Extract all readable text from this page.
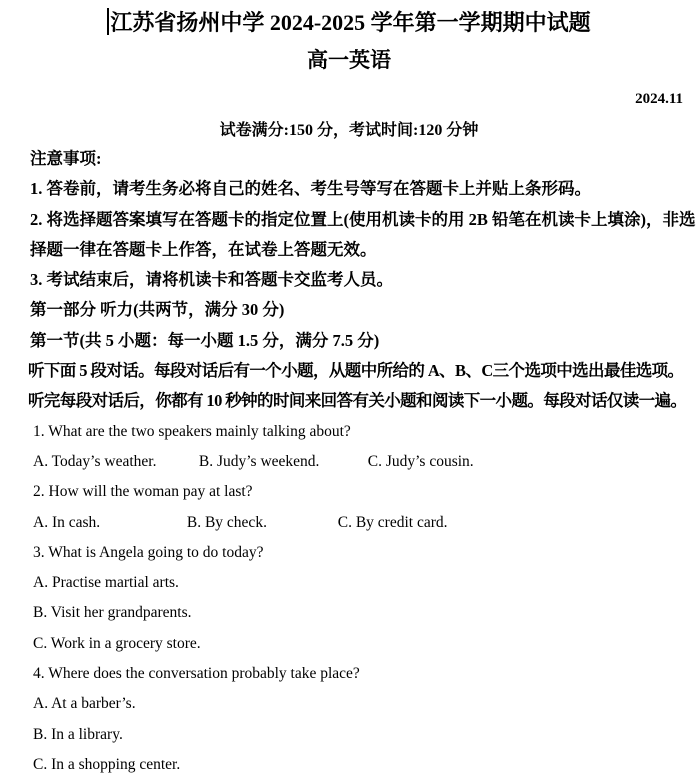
江苏省扬州中学 2024-2025 学年第一学期期中试题
高一英语
2024.11
试卷满分:150 分，考试时间:120 分钟
注意事项:
1. 答卷前，请考生务必将自己的姓名、考生号等写在答题卡上并贴上条形码。
2. 将选择题答案填写在答题卡的指定位置上(使用机读卡的用 2B 铅笔在机读卡上填涂)，非选
择题一律在答题卡上作答，在试卷上答题无效。
3. 考试结束后，请将机读卡和答题卡交监考人员。
第一部分 听力(共两节，满分 30 分)
第一节(共 5 小题：每一小题 1.5 分，满分 7.5 分)
听下面 5 段对话。每段对话后有一个小题，从题中所给的 A、B、C三个选项中选出最佳选项。
听完每段对话后，你都有 10 秒钟的时间来回答有关小题和阅读下一小题。每段对话仅读一遍。
1. What are the two speakers mainly talking about?
A. Today’s weather.	B. Judy’s weekend.	C. Judy’s cousin.
2. How will the woman pay at last?
A. In cash.	B. By check.	C. By credit card.
3. What is Angela going to do today?
A. Practise martial arts.
B. Visit her grandparents.
C. Work in a grocery store.
4. Where does the conversation probably take place?
A. At a barber’s.
B. In a library.
C. In a shopping center.
